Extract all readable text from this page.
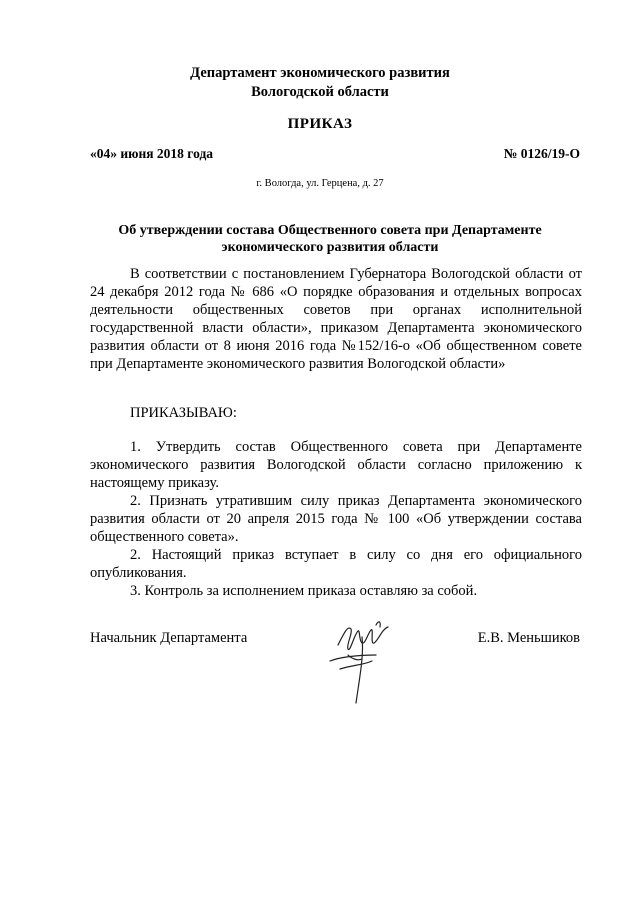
Департамент экономического развития
Вологодской области
ПРИКАЗ
«04» июня 2018 года	№ 0126/19-О
г. Вологда, ул. Герцена, д. 27
Об утверждении состава Общественного совета при Департаменте
экономического развития области

В соответствии с постановлением Губернатора Вологодской области от 24 декабря 2012 года № 686 «О порядке образования и отдельных вопросах деятельности общественных советов при органах исполнительной государственной власти области», приказом Департамента экономического развития области от 8 июня 2016 года №152/16-о «Об общественном совете при Департаменте экономического развития Вологодской области»

ПРИКАЗЫВАЮ:

1. Утвердить состав Общественного совета при Департаменте экономического развития Вологодской области согласно приложению к настоящему приказу.

2. Признать утратившим силу приказ Департамента экономического развития области от 20 апреля 2015 года № 100 «Об утверждении состава общественного совета».

2. Настоящий приказ вступает в силу со дня его официального опубликования.

3. Контроль за исполнением приказа оставляю за собой.

Начальник Департамента	Е.В. Меньшиков
